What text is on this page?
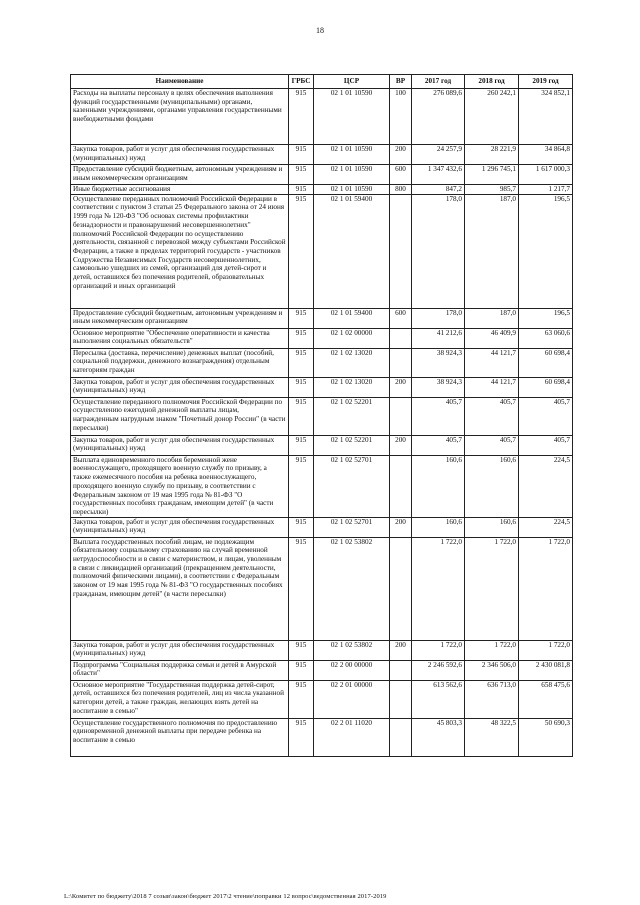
18
Наименование	ГРБС	ЦСР	ВР	2017 год	2018 год	2019 год
Расходы на выплаты персоналу в целях обеспечения выполнения функций государственными (муниципальными) органами, казенными учреждениями, органами управления государственными внебюджетными фондами	915	02 1 01 10590	100	276 089,6	260 242,1	324 852,1
Закупка товаров, работ и услуг для обеспечения государственных (муниципальных) нужд	915	02 1 01 10590	200	24 257,9	28 221,9	34 864,8
Предоставление субсидий бюджетным, автономным учреждениям и иным некоммерческим организациям	915	02 1 01 10590	600	1 347 432,6	1 296 745,1	1 617 000,3
Иные бюджетные ассигнования	915	02 1 01 10590	800	847,2	985,7	1 217,7
Осуществление переданных полномочий Российской Федерации в соответствии с пунктом 3 статьи 25 Федерального закона от 24 июня 1999 года № 120-ФЗ "Об основах системы профилактики безнадзорности и правонарушений несовершеннолетних" полномочий Российской Федерации по осуществлению деятельности, связанной с перевозкой между субъектами Российской Федерации, а также в пределах территорий государств - участников Содружества Независимых Государств несовершеннолетних, самовольно ушедших из семей, организаций для детей-сирот и детей, оставшихся без попечения родителей, образовательных организаций и иных организаций	915	02 1 01 59400		178,0	187,0	196,5
Предоставление субсидий бюджетным, автономным учреждениям и иным некоммерческим организациям	915	02 1 01 59400	600	178,0	187,0	196,5
Основное мероприятие "Обеспечение оперативности и качества выполнения социальных обязательств"	915	02 1 02 00000		41 212,6	46 409,9	63 060,6
Пересылка (доставка, перечисление) денежных выплат (пособий, социальной поддержки, денежного вознаграждения) отдельным категориям граждан	915	02 1 02 13020		38 924,3	44 121,7	60 698,4
Закупка товаров, работ и услуг для обеспечения государственных (муниципальных) нужд	915	02 1 02 13020	200	38 924,3	44 121,7	60 698,4
Осуществление переданного полномочия Российской Федерации по осуществлению ежегодной денежной выплаты лицам, награжденным нагрудным знаком "Почетный донор России" (в части пересылки)	915	02 1 02 52201		405,7	405,7	405,7
Закупка товаров, работ и услуг для обеспечения государственных (муниципальных) нужд	915	02 1 02 52201	200	405,7	405,7	405,7
Выплата единовременного пособия беременной жене военнослужащего, проходящего военную службу по призыву, а также ежемесячного пособия на ребенка военнослужащего, проходящего военную службу по призыву, в соответствии с Федеральным законом от 19 мая 1995 года № 81-ФЗ "О государственных пособиях гражданам, имеющим детей" (в части пересылки)	915	02 1 02 52701		160,6	160,6	224,5
Закупка товаров, работ и услуг для обеспечения государственных (муниципальных) нужд	915	02 1 02 52701	200	160,6	160,6	224,5
Выплата государственных пособий лицам, не подлежащим обязательному социальному страхованию на случай временной нетрудоспособности и в связи с материнством, и лицам, уволенным в связи с ликвидацией организаций (прекращением деятельности, полномочий физическими лицами), в соответствии с Федеральным законом от 19 мая 1995 года № 81-ФЗ "О государственных пособиях гражданам, имеющим детей" (в части пересылки)	915	02 1 02 53802		1 722,0	1 722,0	1 722,0
Закупка товаров, работ и услуг для обеспечения государственных (муниципальных) нужд	915	02 1 02 53802	200	1 722,0	1 722,0	1 722,0
Подпрограмма "Социальная поддержка семьи и детей в Амурской области"	915	02 2 00 00000		2 246 592,6	2 346 506,0	2 430 081,8
Основное мероприятие "Государственная поддержка детей-сирот, детей, оставшихся без попечения родителей, лиц из числа указанной категории детей, а также граждан, желающих взять детей на воспитание в семью"	915	02 2 01 00000		613 562,6	636 713,0	658 475,6
Осуществление государственного полномочия по предоставлению единовременной денежной выплаты при передаче ребенка на воспитание в семью	915	02 2 01 11020		45 803,3	48 322,5	50 690,3
L:\Комитет по бюджету\2018 7 созыв\закон\бюджет 2017\2 чтение\поправки 12 вопрос\ведомственная 2017-2019
